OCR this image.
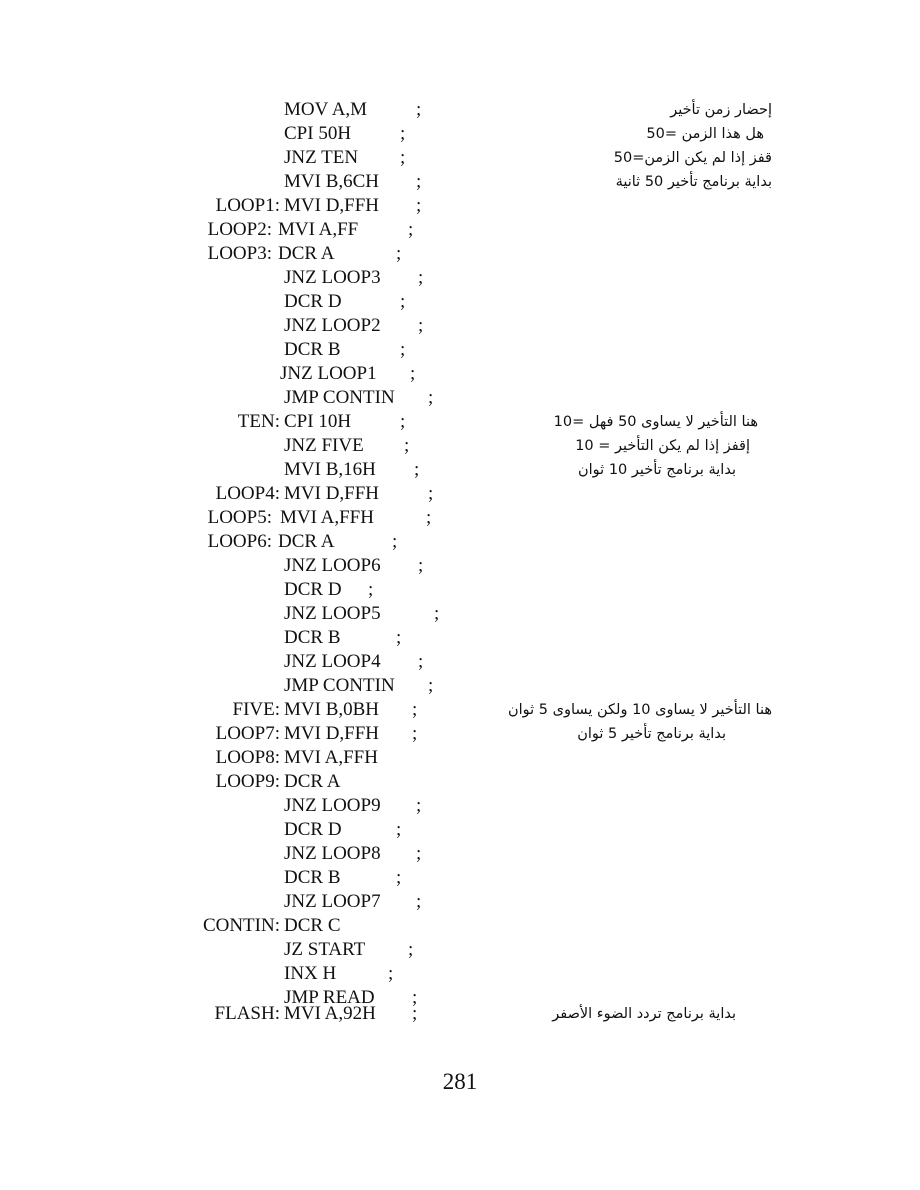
MOV A,M	;	إحضار زمن تأخير
CPI 50H	;	هل هذا الزمن =50
JNZ TEN ;	قفز إذا لم يكن الزمن=50
MVI B,6CH ;	بداية برنامج تأخير 50 ثانية
LOOP1: MVI D,FFH ;
LOOP2: MVI A,FF	;
LOOP3: DCR A	;
JNZ LOOP3 ;
DCR D	;
JNZ LOOP2 ;
DCR B	;
JNZ LOOP1 ;
JMP CONTIN ;
TEN: CPI 10H	;	هنا التأخير لا يساوى 50 فهل =10
JNZ FIVE ;	إقفز إذا لم يكن التأخير = 10
MVI B,16H ;	بداية برنامج تأخير 10 ثوان
LOOP4: MVI D,FFH	;
LOOP5: MVI A,FFH	;
LOOP6: DCR A	;
JNZ LOOP6 ;
DCR D ;
JNZ LOOP5	;
DCR B	;
JNZ LOOP4 ;
JMP CONTIN ;
FIVE: MVI B,0BH ;	هنا التأخير لا يساوى 10 ولكن يساوى 5 ثوان
LOOP7: MVI D,FFH ;	بداية برنامج تأخير 5 ثوان
LOOP8: MVI A,FFH
LOOP9: DCR A
JNZ LOOP9 ;
DCR D	;
JNZ LOOP8 ;
DCR B	;
JNZ LOOP7 ;
CONTIN: DCR C
JZ START ;
INX H	;
JMP READ ;
FLASH: MVI A,92H ;	بداية برنامج تردد الضوء الأصفر
281
